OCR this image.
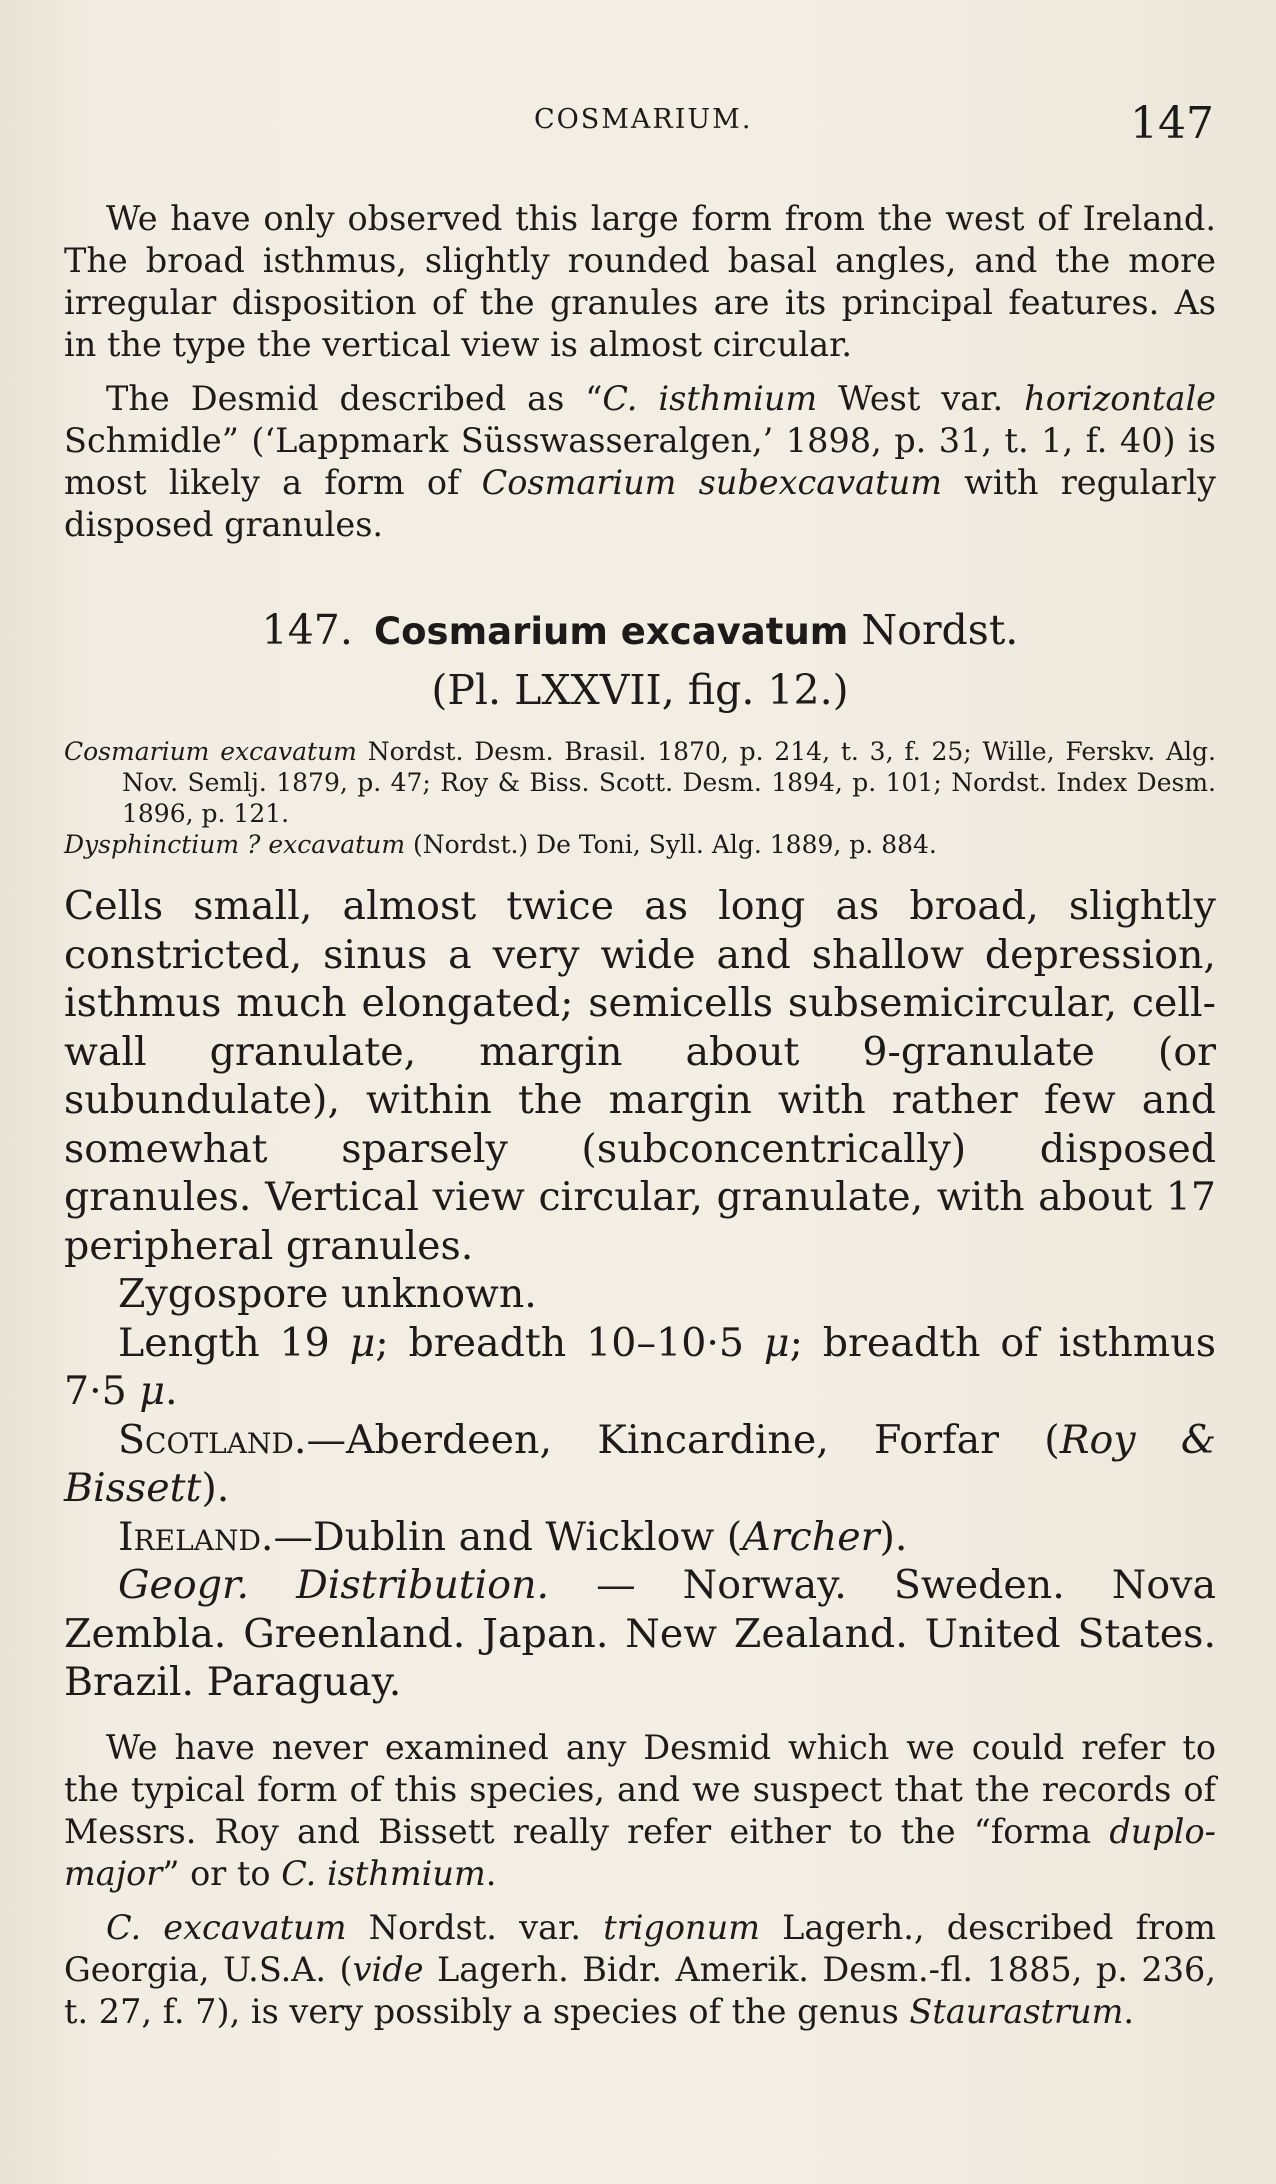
COSMARIUM.	147

We have only observed this large form from the west of Ireland. The broad isthmus, slightly rounded basal angles, and the more irregular disposition of the granules are its principal features. As in the type the vertical view is almost circular.

The Desmid described as “C. isthmium West var. horizontale Schmidle” (‘Lappmark Süsswasseralgen,’ 1898, p. 31, t. 1, f. 40) is most likely a form of Cosmarium subexcavatum with regularly disposed granules.

147. Cosmarium excavatum Nordst.
(Pl. LXXVII, fig. 12.)

Cosmarium excavatum Nordst. Desm. Brasil. 1870, p. 214, t. 3, f. 25; Wille, Ferskv. Alg. Nov. Semlj. 1879, p. 47; Roy & Biss. Scott. Desm. 1894, p. 101; Nordst. Index Desm. 1896, p. 121.

Dysphinctium ? excavatum (Nordst.) De Toni, Syll. Alg. 1889, p. 884.

Cells small, almost twice as long as broad, slightly constricted, sinus a very wide and shallow depression, isthmus much elongated; semicells subsemicircular, cell-wall granulate, margin about 9-granulate (or subundulate), within the margin with rather few and somewhat sparsely (subconcentrically) disposed granules. Vertical view circular, granulate, with about 17 peripheral granules.

Zygospore unknown.

Length 19 μ; breadth 10–10·5 μ; breadth of isthmus 7·5 μ.

Scotland.—Aberdeen, Kincardine, Forfar (Roy & Bissett).

Ireland.—Dublin and Wicklow (Archer).

Geogr. Distribution. — Norway. Sweden. Nova Zembla. Greenland. Japan. New Zealand. United States. Brazil. Paraguay.

We have never examined any Desmid which we could refer to the typical form of this species, and we suspect that the records of Messrs. Roy and Bissett really refer either to the “forma duplo-major” or to C. isthmium.

C. excavatum Nordst. var. trigonum Lagerh., described from Georgia, U.S.A. (vide Lagerh. Bidr. Amerik. Desm.-fl. 1885, p. 236, t. 27, f. 7), is very possibly a species of the genus Staurastrum.
